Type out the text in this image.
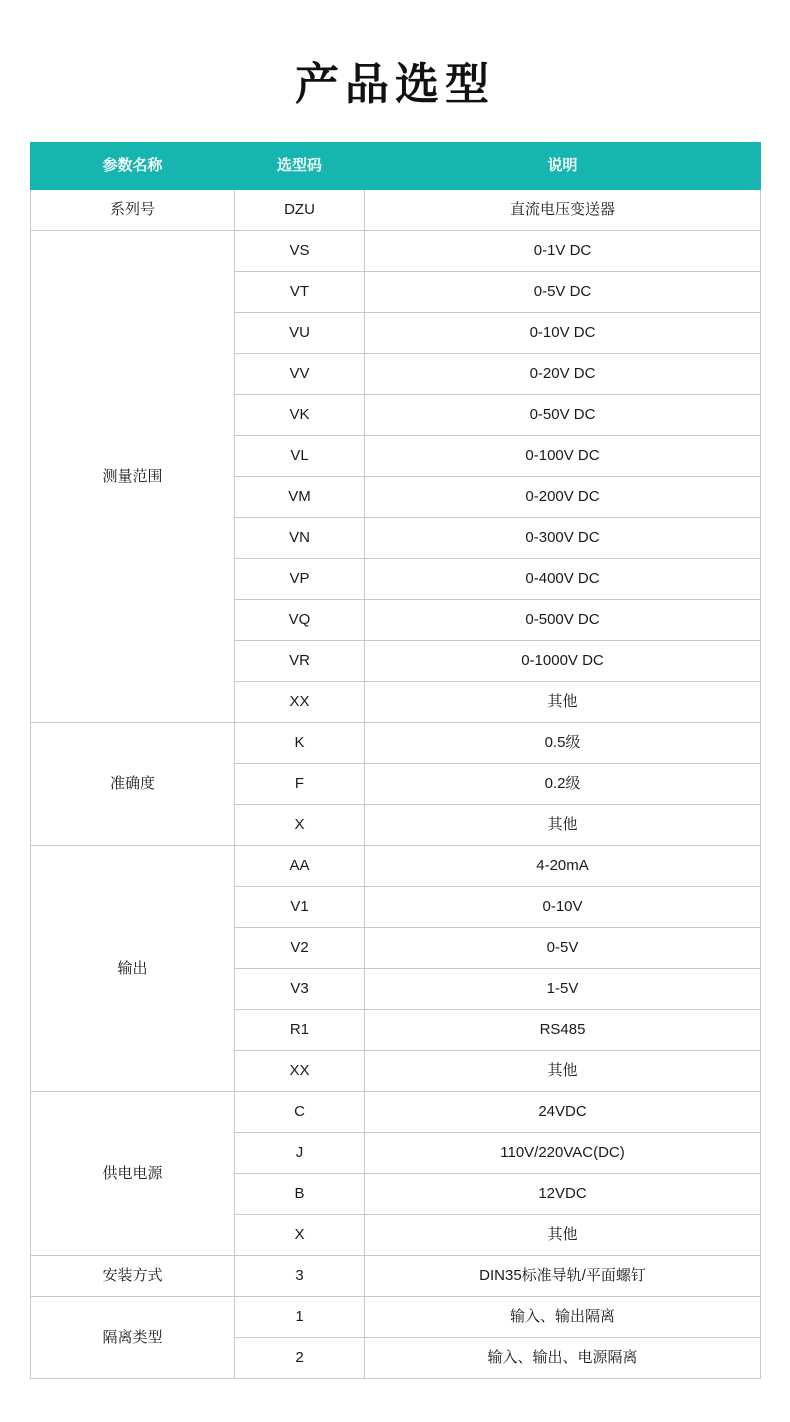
产品选型
参数名称	选型码	说明
系列号	DZU	直流电压变送器
测量范围	VS	0-1V DC
	VT	0-5V DC
	VU	0-10V DC
	VV	0-20V DC
	VK	0-50V DC
	VL	0-100V DC
	VM	0-200V DC
	VN	0-300V DC
	VP	0-400V DC
	VQ	0-500V DC
	VR	0-1000V DC
	XX	其他
准确度	K	0.5级
	F	0.2级
	X	其他
输出	AA	4-20mA
	V1	0-10V
	V2	0-5V
	V3	1-5V
	R1	RS485
	XX	其他
供电电源	C	24VDC
	J	110V/220VAC(DC)
	B	12VDC
	X	其他
安装方式	3	DIN35标准导轨/平面螺钉
隔离类型	1	输入、输出隔离
	2	输入、输出、电源隔离
